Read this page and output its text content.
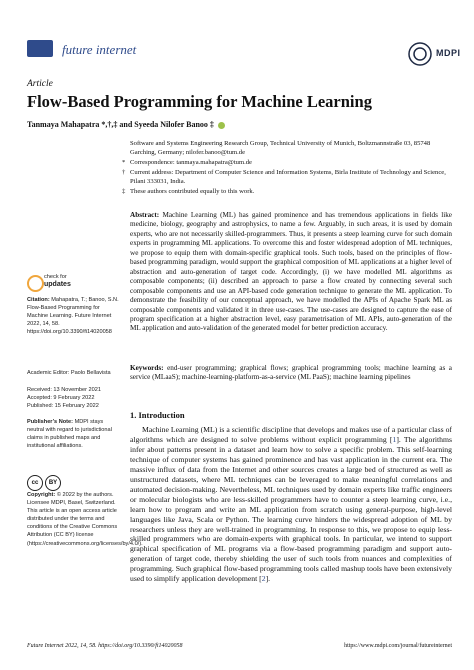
future internet	MDPI
Article
Flow-Based Programming for Machine Learning
Tanmaya Mahapatra *,†,‡ and Syeeda Nilofer Banoo ‡
Software and Systems Engineering Research Group, Technical University of Munich, Boltzmannstraße 03, 85748 Garching, Germany; nilofer.banoo@tum.de
* Correspondence: tanmaya.mahapatra@tum.de
† Current address: Department of Computer Science and Information Systems, Birla Institute of Technology and Science, Pilani 333031, India.
‡ These authors contributed equally to this work.
Abstract: Machine Learning (ML) has gained prominence and has tremendous applications in fields like medicine, biology, geography and astrophysics, to name a few. Arguably, in such areas, it is used by domain experts, who are not necessarily skilled-programmers. Thus, it presents a steep learning curve for such domain experts in programming ML applications. To overcome this and foster widespread adoption of ML techniques, we propose to equip them with domain-specific graphical tools. Such tools, based on the principles of flow-based programming paradigm, would support the graphical composition of ML applications at a higher level of abstraction and auto-generation of target code. Accordingly, (i) we have modelled ML algorithms as composable components; (ii) described an approach to parse a flow created by connecting several such composable components and use an API-based code generation technique to generate the ML application. To demonstrate the feasibility of our conceptual approach, we have modelled the APIs of Apache Spark ML as composable components and validated it in three use-cases. The use-cases are designed to capture the ease of program specification at a higher abstraction level, easy parametrisation of ML APIs, auto-generation of the ML application and auto-validation of the generated model for better prediction accuracy.
Keywords: end-user programming; graphical flows; graphical programming tools; machine learning as a service (MLaaS); machine-learning-platform-as-a-service (ML PaaS); machine learning pipelines
check for
updates
Citation: Mahapatra, T.; Banoo, S.N. Flow-Based Programming for Machine Learning. Future Internet 2022, 14, 58. https://doi.org/10.3390/fi14020058
Academic Editor: Paolo Bellavista
Received: 13 November 2021
Accepted: 9 February 2022
Published: 15 February 2022
Publisher’s Note: MDPI stays neutral with regard to jurisdictional claims in published maps and institutional affiliations.
cc BY
Copyright: © 2022 by the authors. Licensee MDPI, Basel, Switzerland. This article is an open access article distributed under the terms and conditions of the Creative Commons Attribution (CC BY) license (https://creativecommons.org/licenses/by/4.0/).
1. Introduction
Machine Learning (ML) is a scientific discipline that develops and makes use of a particular class of algorithms which are designed to solve problems without explicit programming [1]. The algorithms infer about patterns present in a dataset and learn how to solve a specific problem. This self-learning technique of computer systems has gained prominence and has vast application in the current era. The massive influx of data from the Internet and other sources creates a large bed of structured as well as unstructured datasets, where ML techniques can be leveraged to make meaningful correlations and automated decision-making. Nevertheless, ML techniques used by domain experts like traffic engineers or molecular biologists who are less-skilled programmers have to counter a steep learning curve, i.e., learn how to program and write an ML application from scratch using general-purpose, high-level languages like Java, Scala or Python. The learning curve hinders the widespread adoption of ML by researchers unless they are well-trained in programming. In response to this, we propose to equip less-skilled programmers who are domain-experts with graphical tools. In particular, we intend to support graphical specification of ML programs via a flow-based programming paradigm and support auto-generation of target code, thereby shielding the user of such tools from nuances and complexities of programming. Such graphical flow-based programming tools called mashup tools have been extensively used to simplify application development [2].
Future Internet 2022, 14, 58. https://doi.org/10.3390/fi14020058	https://www.mdpi.com/journal/futureinternet
